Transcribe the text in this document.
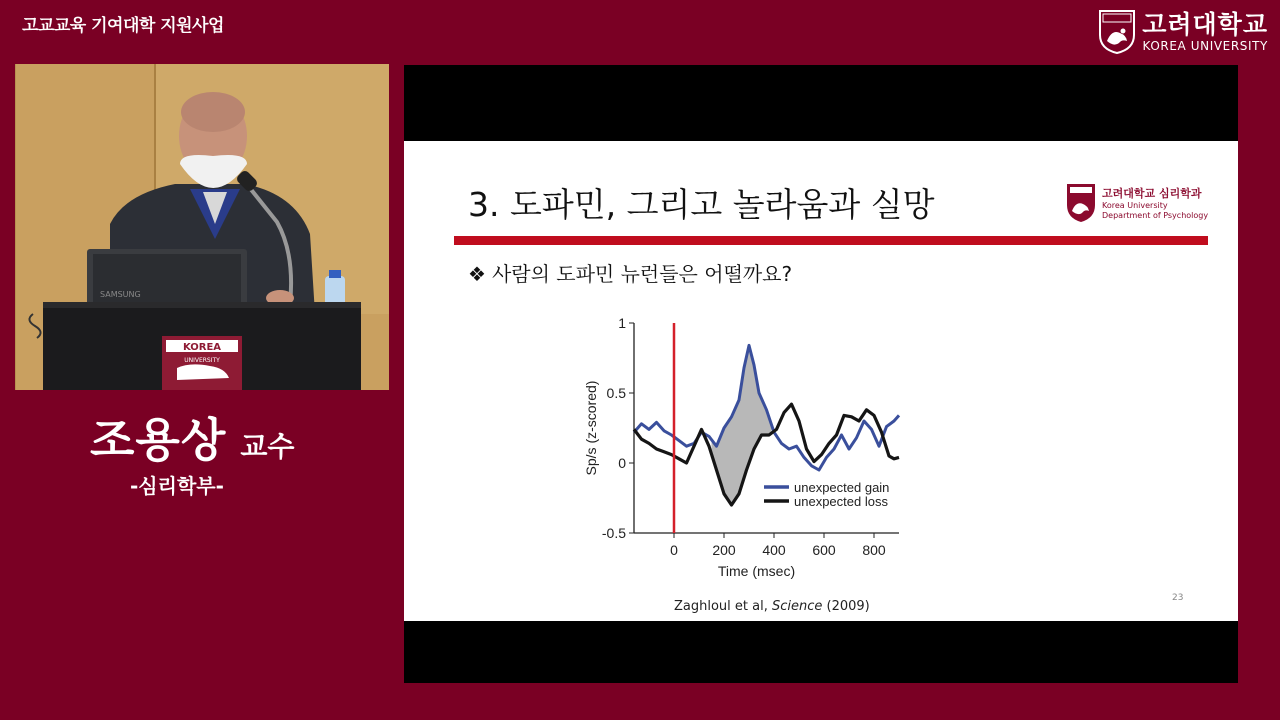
고교교육 기여대학 지원사업	고려대학교
KOREA UNIVERSITY
SAMSUNG
KOREA
UNIVERSITY
조용상 교수
-심리학부-
3. 도파민, 그리고 놀라움과 실망	고려대학교 심리학과
Korea University
Department of Psychology
❖ 사람의 도파민 뉴런들은 어떨까요?
-0.5
0
0.5
1
0 200 400 600 800
Time (msec)
Sp/s (z-scored)
unexpected gain
unexpected loss
Zaghloul et al, Science (2009)
23
